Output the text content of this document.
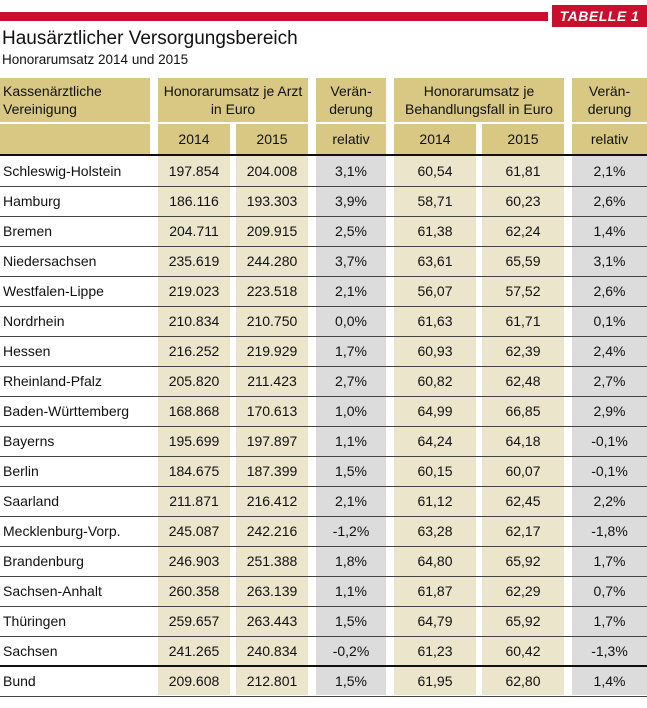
TABELLE 1
Hausärztlicher Versorgungsbereich
Honorarumsatz 2014 und 2015
Kassenärztliche Vereinigung
Honorarumsatz je Arzt in Euro
Verän-derung
Honorarumsatz je Behandlungsfall in Euro
Verän-derung
2014	2015	relativ	2014	2015	relativ
Schleswig-Holstein	197.854	204.008	3,1%	60,54	61,81	2,1%
Hamburg	186.116	193.303	3,9%	58,71	60,23	2,6%
Bremen	204.711	209.915	2,5%	61,38	62,24	1,4%
Niedersachsen	235.619	244.280	3,7%	63,61	65,59	3,1%
Westfalen-Lippe	219.023	223.518	2,1%	56,07	57,52	2,6%
Nordrhein	210.834	210.750	0,0%	61,63	61,71	0,1%
Hessen	216.252	219.929	1,7%	60,93	62,39	2,4%
Rheinland-Pfalz	205.820	211.423	2,7%	60,82	62,48	2,7%
Baden-Württemberg	168.868	170.613	1,0%	64,99	66,85	2,9%
Bayerns	195.699	197.897	1,1%	64,24	64,18	-0,1%
Berlin	184.675	187.399	1,5%	60,15	60,07	-0,1%
Saarland	211.871	216.412	2,1%	61,12	62,45	2,2%
Mecklenburg-Vorp.	245.087	242.216	-1,2%	63,28	62,17	-1,8%
Brandenburg	246.903	251.388	1,8%	64,80	65,92	1,7%
Sachsen-Anhalt	260.358	263.139	1,1%	61,87	62,29	0,7%
Thüringen	259.657	263.443	1,5%	64,79	65,92	1,7%
Sachsen	241.265	240.834	-0,2%	61,23	60,42	-1,3%
Bund	209.608	212.801	1,5%	61,95	62,80	1,4%
